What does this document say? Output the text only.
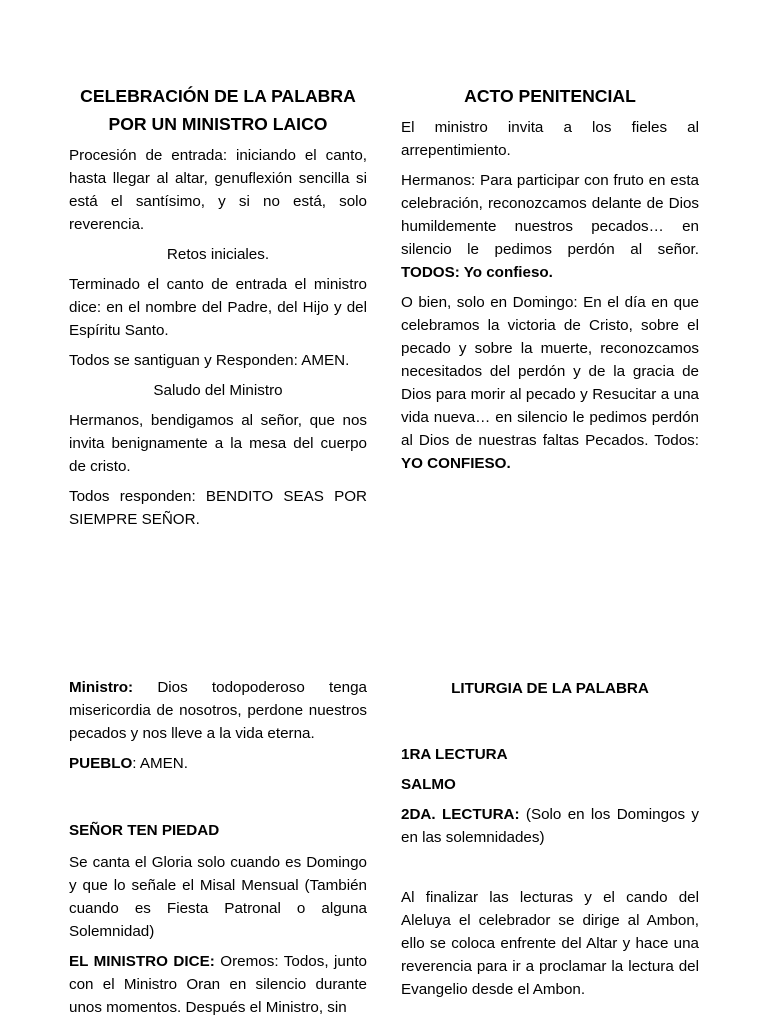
CELEBRACIÓN DE LA PALABRA
POR UN MINISTRO LAICO

Procesión de entrada: iniciando el canto, hasta llegar al altar, genuflexión sencilla si está el santísimo, y si no está, solo reverencia.

Retos iniciales.

Terminado el canto de entrada el ministro dice: en el nombre del Padre, del Hijo y del Espíritu Santo.

Todos se santiguan y Responden: AMEN.

Saludo del Ministro

Hermanos, bendigamos al señor, que nos invita benignamente a la mesa del cuerpo de cristo.

Todos responden: BENDITO SEAS POR SIEMPRE SEÑOR.

ACTO PENITENCIAL

El ministro invita a los fieles al arrepentimiento.

Hermanos: Para participar con fruto en esta celebración, reconozcamos delante de Dios humildemente nuestros pecados… en silencio le pedimos perdón al señor. TODOS: Yo confieso.

O bien, solo en Domingo: En el día en que celebramos la victoria de Cristo, sobre el pecado y sobre la muerte, reconozcamos necesitados del perdón y de la gracia de Dios para morir al pecado y Resucitar a una vida nueva… en silencio le pedimos perdón al Dios de nuestras faltas Pecados. Todos: YO CONFIESO.

Ministro: Dios todopoderoso tenga misericordia de nosotros, perdone nuestros pecados y nos lleve a la vida eterna.

PUEBLO: AMEN.

SEÑOR TEN PIEDAD

Se canta el Gloria solo cuando es Domingo y que lo señale el Misal Mensual (También cuando es Fiesta Patronal o alguna Solemnidad)

EL MINISTRO DICE: Oremos: Todos, junto con el Ministro Oran en silencio durante unos momentos. Después el Ministro, sin

LITURGIA DE LA PALABRA

1RA LECTURA

SALMO

2DA. LECTURA: (Solo en los Domingos y en las solemnidades)

Al finalizar las lecturas y el cando del Aleluya el celebrador se dirige al Ambon, ello se coloca enfrente del Altar y hace una reverencia para ir a proclamar la lectura del Evangelio desde el Ambon.
